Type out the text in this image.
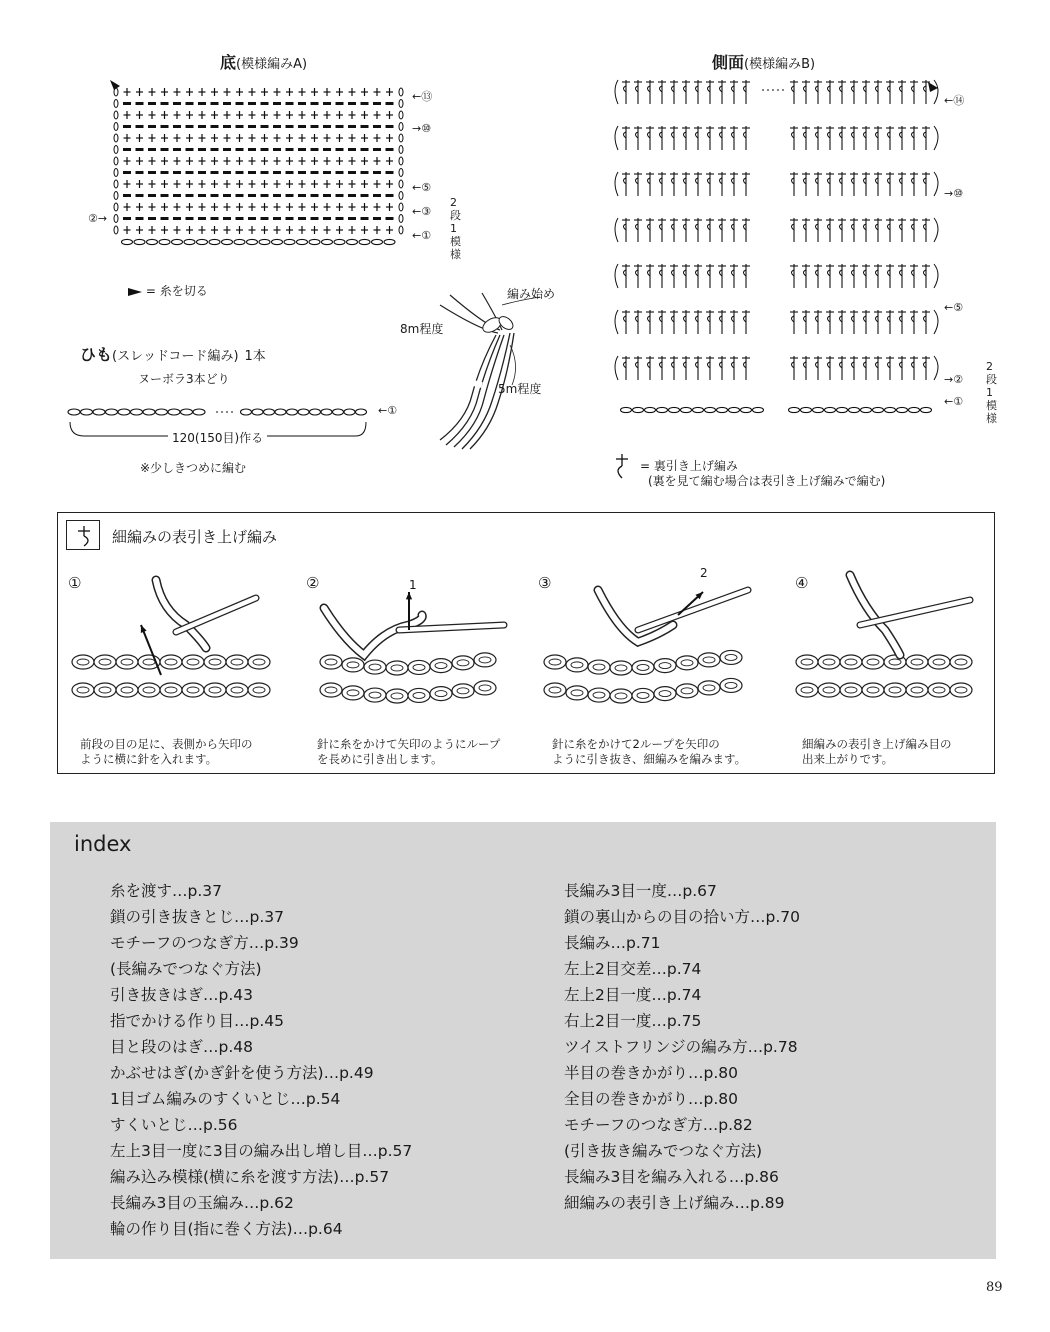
底(模様編みA)
←⑬
→⑩
←⑤
←③
←①
②→
2段1模様
= 糸を切る
ひも(スレッドコード編み) 1本
ヌーボラ3本どり
←①
120(150目)作る
※少しきつめに編む
編み始め
8m程度
5m程度
側面(模様編みB)
←⑭
→⑩
←⑤
→②
←①
2段1模様
= 裏引き上げ編み
(裏を見て編む場合は表引き上げ編みで編む)
細編みの表引き上げ編み
①	②	③	④
1
2
前段の目の足に、表側から矢印の
ように横に針を入れます。
針に糸をかけて矢印のようにループ
を長めに引き出します。
針に糸をかけて2ループを矢印の
ように引き抜き、細編みを編みます。
細編みの表引き上げ編み目の
出来上がりです。
index
糸を渡す…p.37
鎖の引き抜きとじ…p.37
モチーフのつなぎ方…p.39
(長編みでつなぐ方法)
引き抜きはぎ…p.43
指でかける作り目…p.45
目と段のはぎ…p.48
かぶせはぎ(かぎ針を使う方法)…p.49
1目ゴム編みのすくいとじ…p.54
すくいとじ…p.56
左上3目一度に3目の編み出し増し目…p.57
編み込み模様(横に糸を渡す方法)…p.57
長編み3目の玉編み…p.62
輪の作り目(指に巻く方法)…p.64
長編み3目一度…p.67
鎖の裏山からの目の拾い方…p.70
長編み…p.71
左上2目交差…p.74
左上2目一度…p.74
右上2目一度…p.75
ツイストフリンジの編み方…p.78
半目の巻きかがり…p.80
全目の巻きかがり…p.80
モチーフのつなぎ方…p.82
(引き抜き編みでつなぐ方法)
長編み3目を編み入れる…p.86
細編みの表引き上げ編み…p.89
89
